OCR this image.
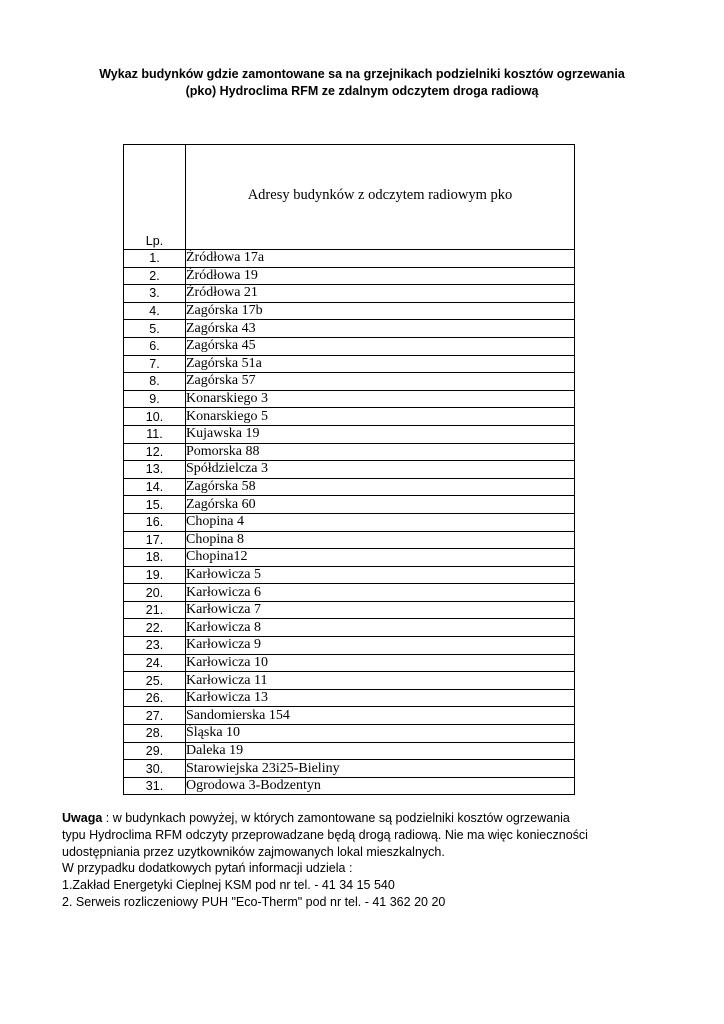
Wykaz budynków gdzie zamontowane sa na grzejnikach podzielniki kosztów ogrzewania
(pko) Hydroclima RFM ze zdalnym odczytem droga radiową
Lp.	Adresy budynków z odczytem radiowym pko

1.	Źródłowa 17a
2.	Źródłowa 19
3.	Źródłowa 21
4.	Zagórska 17b
5.	Zagórska 43
6.	Zagórska 45
7.	Zagórska 51a
8.	Zagórska 57
9.	Konarskiego 3
10.	Konarskiego 5
11.	Kujawska 19
12.	Pomorska 88
13.	Spółdzielcza 3
14.	Zagórska 58
15.	Zagórska 60
16.	Chopina 4
17.	Chopina 8
18.	Chopina12
19.	Karłowicza 5
20.	Karłowicza 6
21.	Karłowicza 7
22.	Karłowicza 8
23.	Karłowicza 9
24.	Karłowicza 10
25.	Karłowicza 11
26.	Karłowicza 13
27.	Sandomierska 154
28.	Śląska 10
29.	Daleka 19
30.	Starowiejska 23i25-Bieliny
31.	Ogrodowa 3-Bodzentyn
Uwaga : w budynkach powyżej, w których zamontowane są podzielniki kosztów ogrzewania
typu Hydroclima RFM odczyty przeprowadzane będą drogą radiową. Nie ma więc konieczności
udostępniania przez uzytkowników zajmowanych lokal mieszkalnych.
W przypadku dodatkowych pytań informacji udziela :
1.Zakład Energetyki Cieplnej KSM pod nr tel. - 41 34 15 540
2. Serweis rozliczeniowy PUH "Eco-Therm" pod nr tel. - 41 362 20 20
